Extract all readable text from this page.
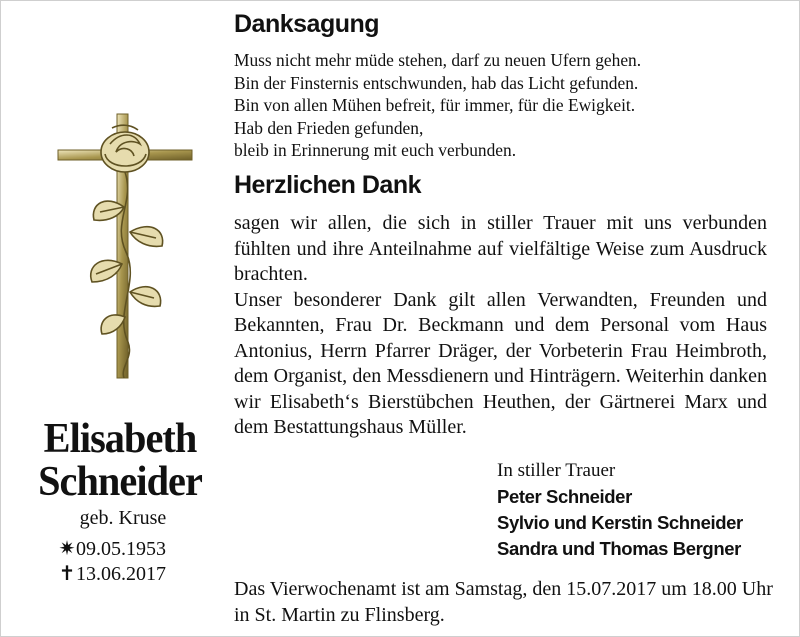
Elisabeth
Schneider
geb. Kruse
✷09.05.1953
✝13.06.2017
Danksagung
Muss nicht mehr müde stehen, darf zu neuen Ufern gehen.
Bin der Finsternis entschwunden, hab das Licht gefunden.
Bin von allen Mühen befreit, für immer, für die Ewigkeit.
Hab den Frieden gefunden,
bleib in Erinnerung mit euch verbunden.
Herzlichen Dank

sagen wir allen, die sich in stiller Trauer mit uns verbunden fühlten und ihre Anteilnahme auf vielfältige Weise zum Ausdruck brachten.

Unser besonderer Dank gilt allen Verwandten, Freunden und Bekannten, Frau Dr. Beckmann und dem Personal vom Haus Antonius, Herrn Pfarrer Dräger, der Vorbeterin Frau Heimbroth, dem Organist, den Messdienern und Hinträgern. Weiterhin danken wir Elisabeth‘s Bierstübchen Heuthen, der Gärtnerei Marx und dem Bestattungshaus Müller.

In stiller Trauer
Peter Schneider
Sylvio und Kerstin Schneider
Sandra und Thomas Bergner
Das Vierwochenamt ist am Samstag, den 15.07.2017 um 18.00 Uhr in St. Martin zu Flinsberg.
